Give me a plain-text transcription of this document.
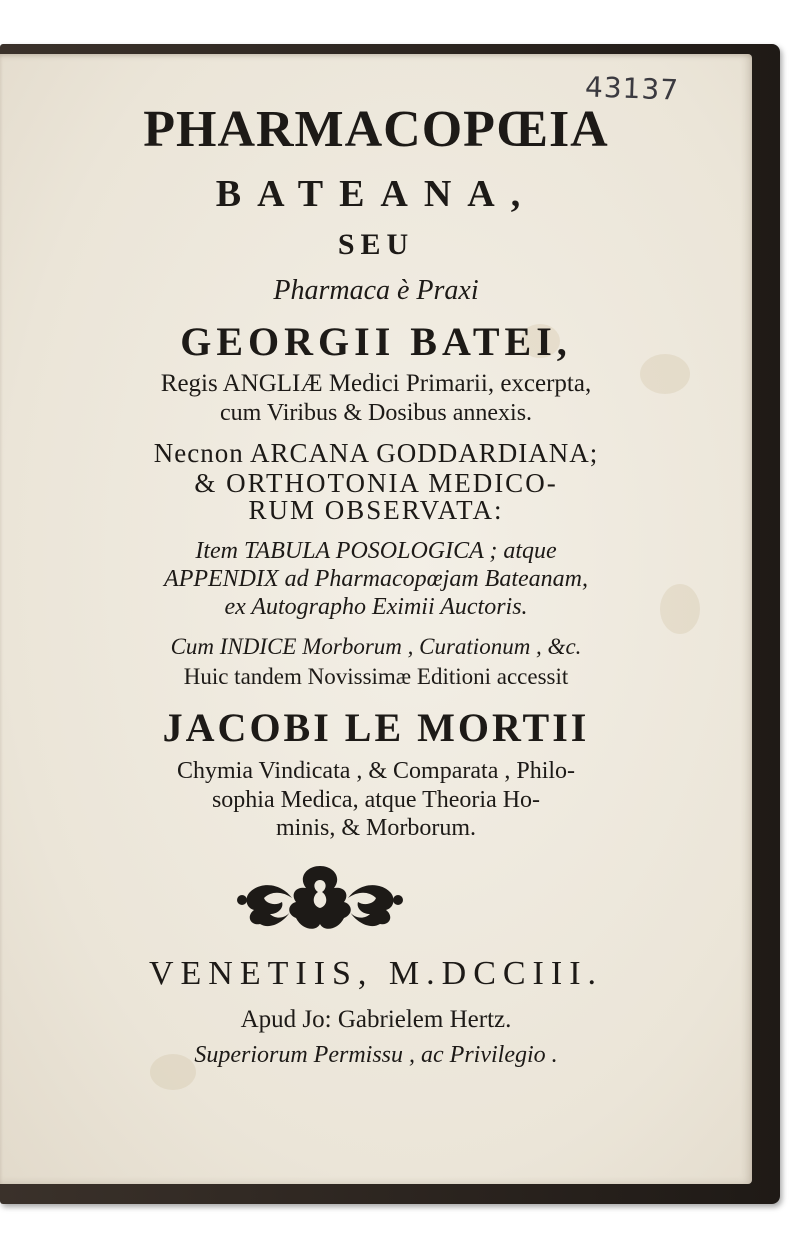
43137
PHARMACOPŒIA
BATEANA,
SEU
Pharmaca è Praxi
GEORGII BATEI,
Regis ANGLIÆ Medici Primarii, excerpta,
cum Viribus & Dosibus annexis.
Necnon ARCANA GODDARDIANA;
& ORTHOTONIA MEDICO-
RUM OBSERVATA:
Item TABULA POSOLOGICA ; atque
APPENDIX ad Pharmacopœjam Bateanam,
ex Autographo Eximii Auctoris.
Cum INDICE Morborum , Curationum , &c.
Huic tandem Novissimæ Editioni accessit
JACOBI LE MORTII
Chymia Vindicata , & Comparata , Philo-
sophia Medica, atque Theoria Ho-
minis, & Morborum.
VENETIIS, M.DCCIII.
Apud Jo: Gabrielem Hertz.
Superiorum Permissu , ac Privilegio .
